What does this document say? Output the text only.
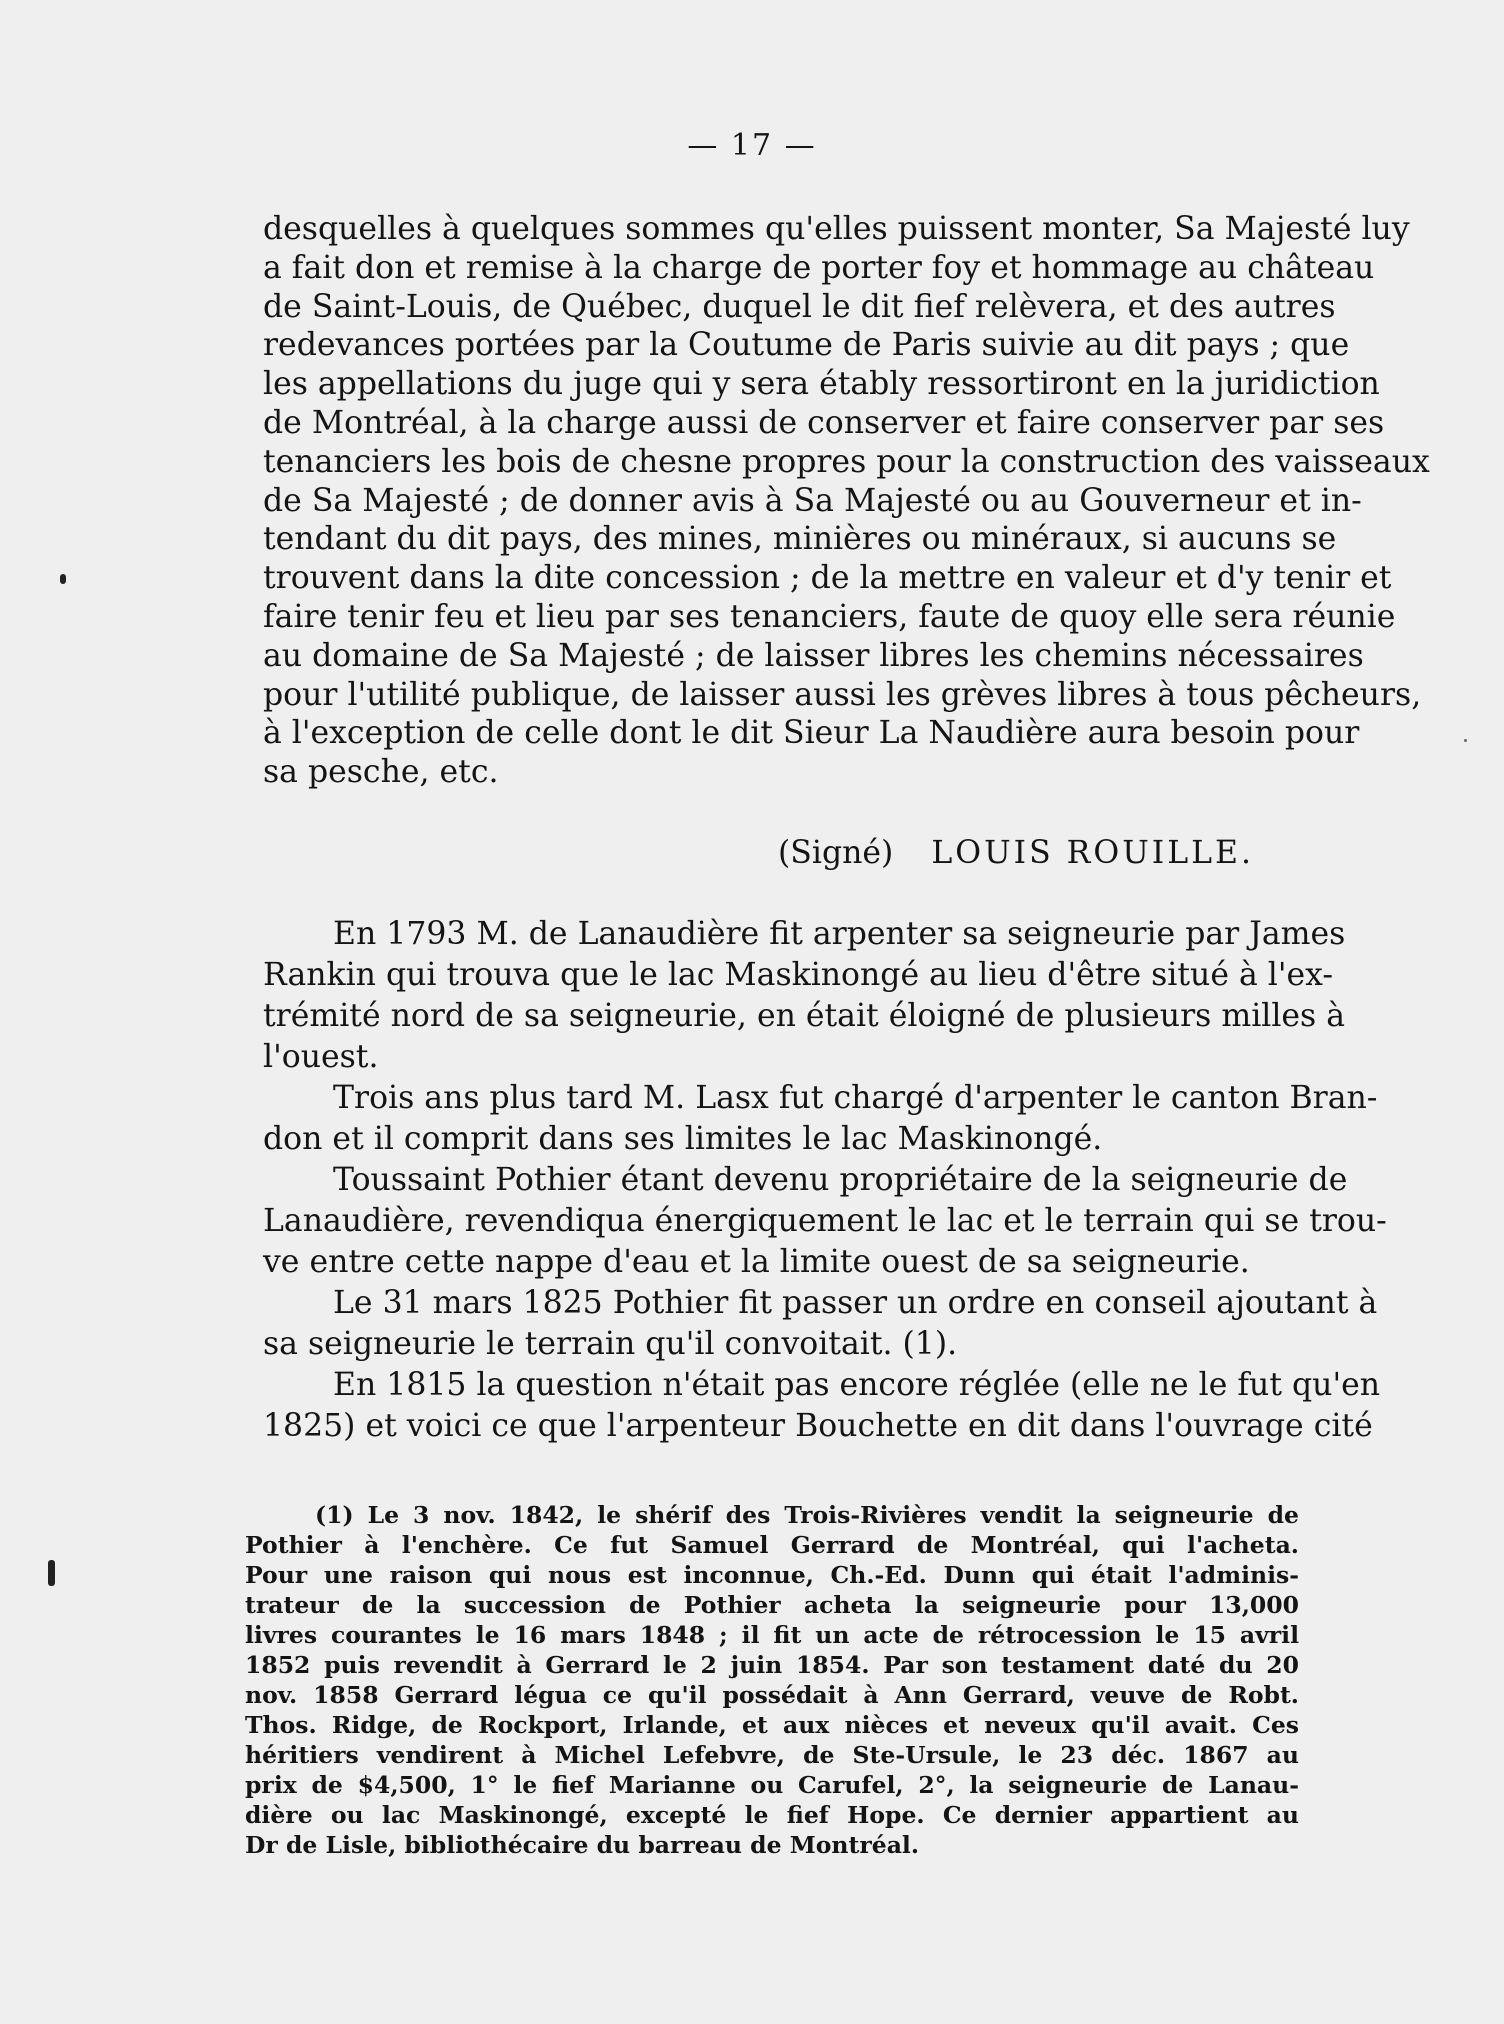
— 17 —
desquelles à quelques sommes qu'elles puissent monter, Sa Majesté luy
a fait don et remise à la charge de porter foy et hommage au château
de Saint-Louis, de Québec, duquel le dit fief relèvera, et des autres
redevances portées par la Coutume de Paris suivie au dit pays ; que
les appellations du juge qui y sera étably ressortiront en la juridiction
de Montréal, à la charge aussi de conserver et faire conserver par ses
tenanciers les bois de chesne propres pour la construction des vaisseaux
de Sa Majesté ; de donner avis à Sa Majesté ou au Gouverneur et in-
tendant du dit pays, des mines, minières ou minéraux, si aucuns se
trouvent dans la dite concession ; de la mettre en valeur et d'y tenir et
faire tenir feu et lieu par ses tenanciers, faute de quoy elle sera réunie
au domaine de Sa Majesté ; de laisser libres les chemins nécessaires
pour l'utilité publique, de laisser aussi les grèves libres à tous pêcheurs,
à l'exception de celle dont le dit Sieur La Naudière aura besoin pour
sa pesche, etc.
(Signé) LOUIS ROUILLE.
En 1793 M. de Lanaudière fit arpenter sa seigneurie par James
Rankin qui trouva que le lac Maskinongé au lieu d'être situé à l'ex-
trémité nord de sa seigneurie, en était éloigné de plusieurs milles à
l'ouest.
Trois ans plus tard M. Lasx fut chargé d'arpenter le canton Bran-
don et il comprit dans ses limites le lac Maskinongé.
Toussaint Pothier étant devenu propriétaire de la seigneurie de
Lanaudière, revendiqua énergiquement le lac et le terrain qui se trou-
ve entre cette nappe d'eau et la limite ouest de sa seigneurie.
Le 31 mars 1825 Pothier fit passer un ordre en conseil ajoutant à
sa seigneurie le terrain qu'il convoitait. (1).
En 1815 la question n'était pas encore réglée (elle ne le fut qu'en
1825) et voici ce que l'arpenteur Bouchette en dit dans l'ouvrage cité
(1) Le 3 nov. 1842, le shérif des Trois-Rivières vendit la seigneurie de
Pothier à l'enchère. Ce fut Samuel Gerrard de Montréal, qui l'acheta.
Pour une raison qui nous est inconnue, Ch.-Ed. Dunn qui était l'adminis-
trateur de la succession de Pothier acheta la seigneurie pour 13,000
livres courantes le 16 mars 1848 ; il fit un acte de rétrocession le 15 avril
1852 puis revendit à Gerrard le 2 juin 1854. Par son testament daté du 20
nov. 1858 Gerrard légua ce qu'il possédait à Ann Gerrard, veuve de Robt.
Thos. Ridge, de Rockport, Irlande, et aux nièces et neveux qu'il avait. Ces
héritiers vendirent à Michel Lefebvre, de Ste-Ursule, le 23 déc. 1867 au
prix de $4,500, 1° le fief Marianne ou Carufel, 2°, la seigneurie de Lanau-
dière ou lac Maskinongé, excepté le fief Hope. Ce dernier appartient au
Dr de Lisle, bibliothécaire du barreau de Montréal.
